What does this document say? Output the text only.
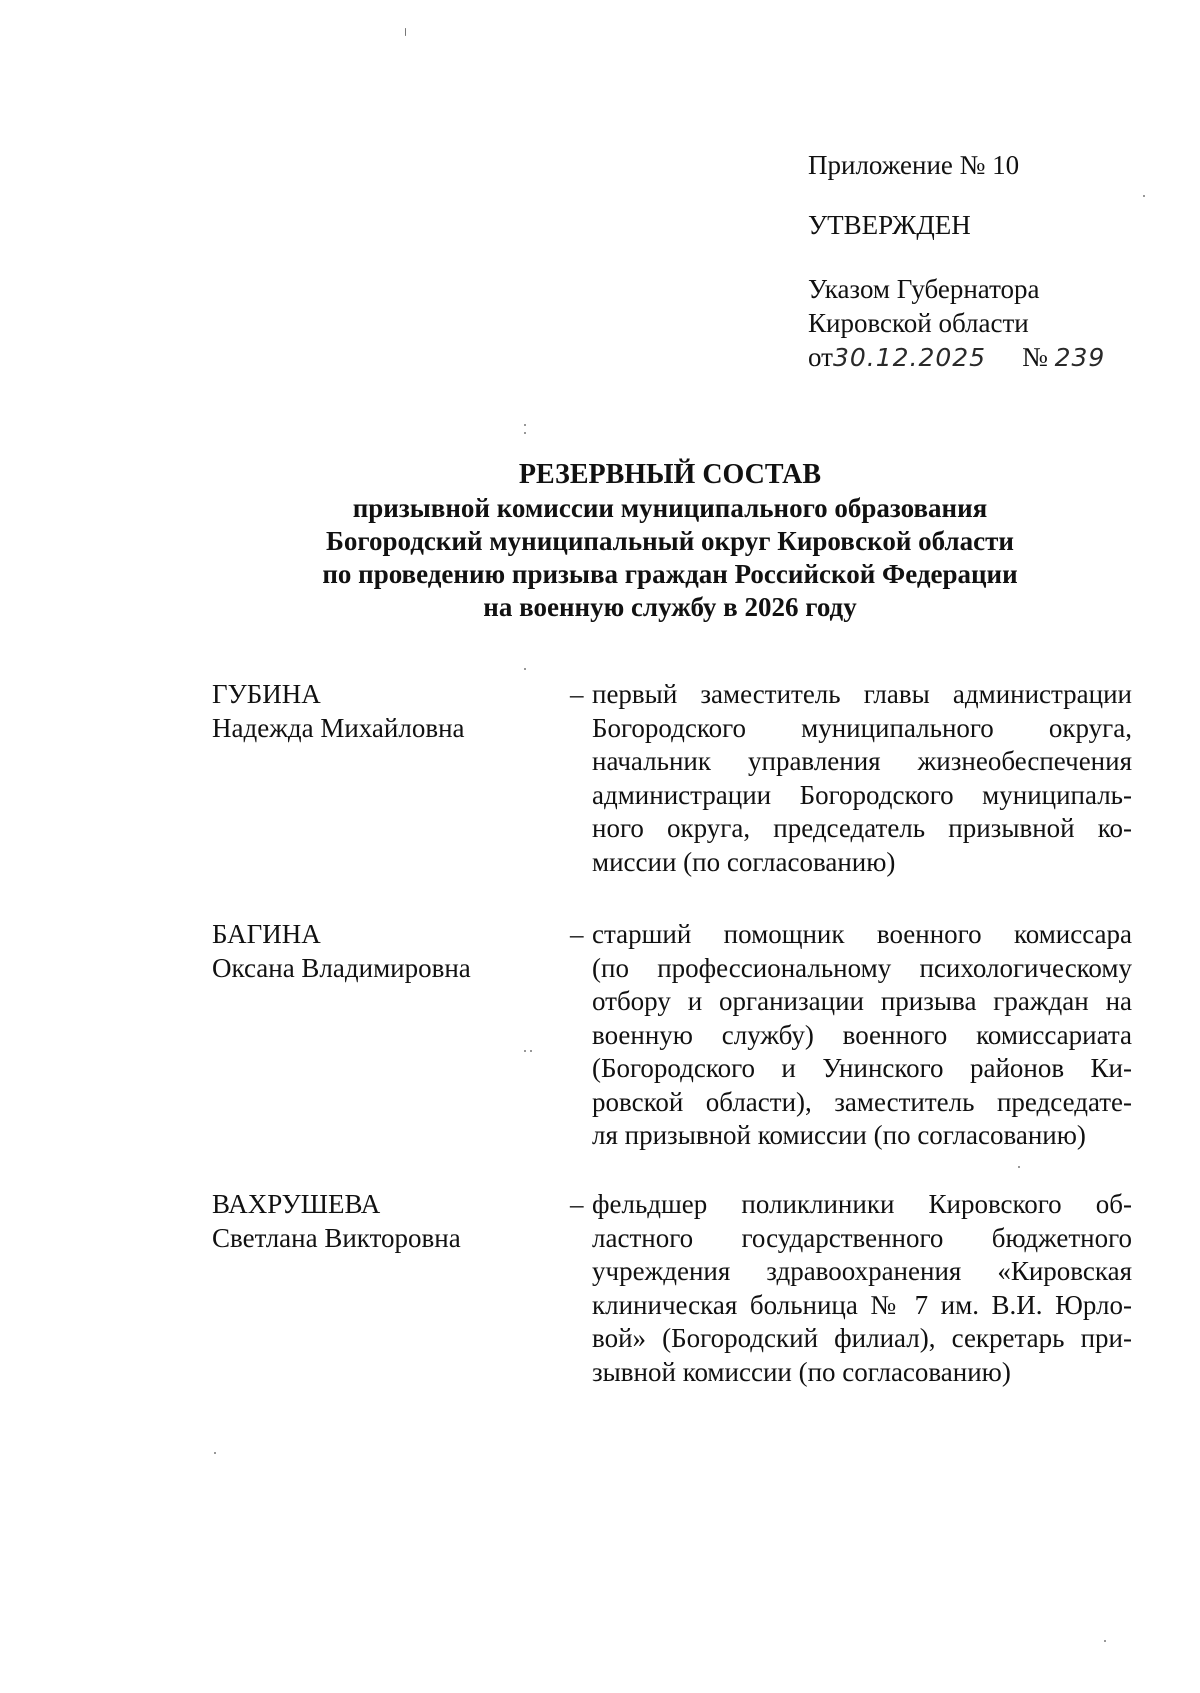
Приложение № 10
УТВЕРЖДЕН
Указом Губернатора
Кировской области
от30.12.2025 № 239
РЕЗЕРВНЫЙ СОСТАВ
призывной комиссии муниципального образования
Богородский муниципальный округ Кировской области
по проведению призыва граждан Российской Федерации
на военную службу в 2026 году
ГУБИНА
Надежда Михайловна
– первый заместитель главы администрации
Богородского муниципального округа,
начальник управления жизнеобеспечения
администрации Богородского муниципаль-
ного округа, председатель призывной ко-
миссии (по согласованию)
БАГИНА
Оксана Владимировна
– старший помощник военного комиссара
(по профессиональному психологическому
отбору и организации призыва граждан на
военную службу) военного комиссариата
(Богородского и Унинского районов Ки-
ровской области), заместитель председате-
ля призывной комиссии (по согласованию)
ВАХРУШЕВА
Светлана Викторовна
– фельдшер поликлиники Кировского об-
ластного государственного бюджетного
учреждения здравоохранения «Кировская
клиническая больница № 7 им. В.И. Юрло-
вой» (Богородский филиал), секретарь при-
зывной комиссии (по согласованию)
